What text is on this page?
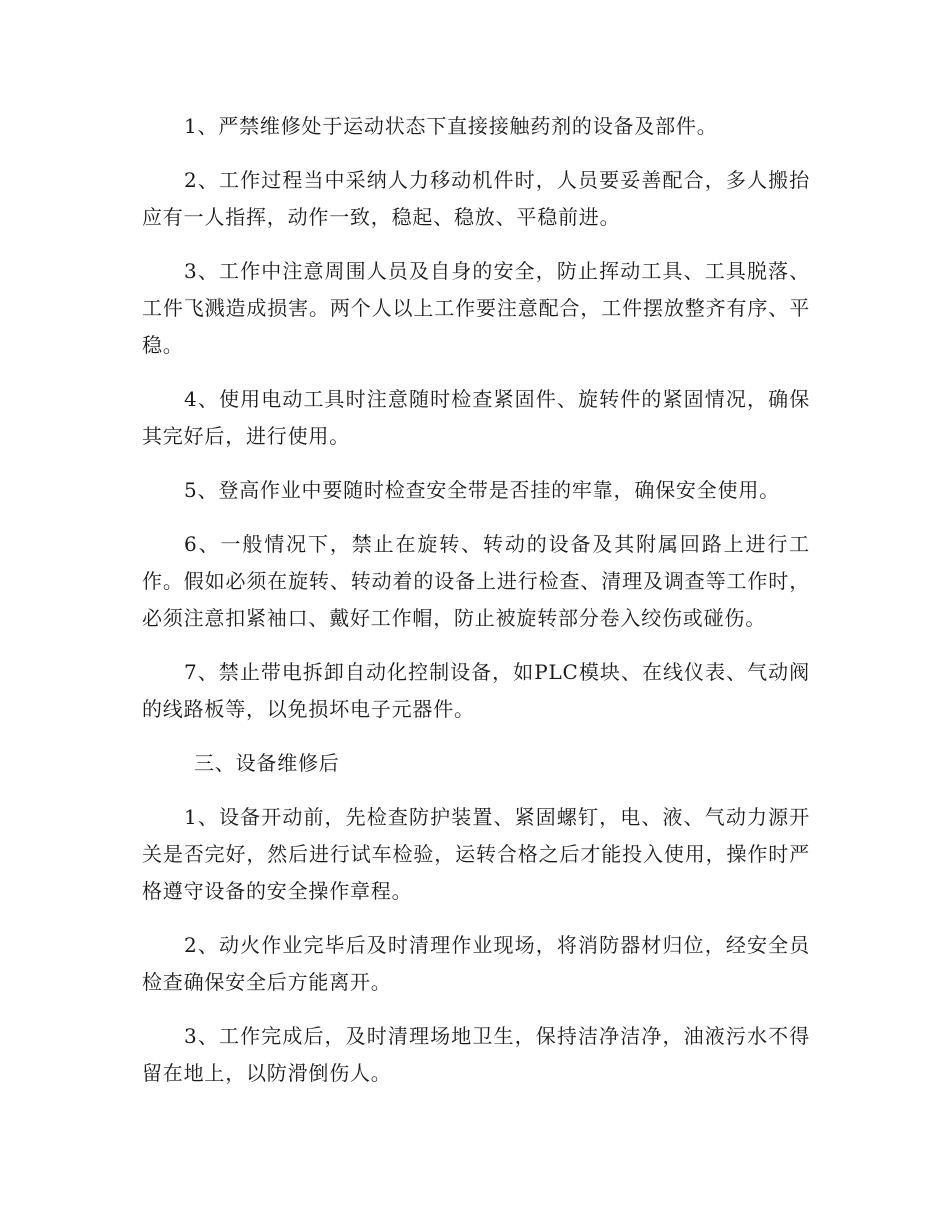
1、严禁维修处于运动状态下直接接触药剂的设备及部件。

2、工作过程当中采纳人力移动机件时，人员要妥善配合，多人搬抬应有一人指挥，动作一致，稳起、稳放、平稳前进。

3、工作中注意周围人员及自身的安全，防止挥动工具、工具脱落、工件飞溅造成损害。两个人以上工作要注意配合，工件摆放整齐有序、平稳。

4、使用电动工具时注意随时检查紧固件、旋转件的紧固情况，确保其完好后，进行使用。

5、登高作业中要随时检查安全带是否挂的牢靠，确保安全使用。

6、一般情况下，禁止在旋转、转动的设备及其附属回路上进行工作。假如必须在旋转、转动着的设备上进行检查、清理及调查等工作时，必须注意扣紧袖口、戴好工作帽，防止被旋转部分卷入绞伤或碰伤。

7、禁止带电拆卸自动化控制设备，如PLC模块、在线仪表、气动阀的线路板等，以免损坏电子元器件。

三、设备维修后

1、设备开动前，先检查防护装置、紧固螺钉，电、液、气动力源开关是否完好，然后进行试车检验，运转合格之后才能投入使用，操作时严格遵守设备的安全操作章程。

2、动火作业完毕后及时清理作业现场，将消防器材归位，经安全员检查确保安全后方能离开。

3、工作完成后，及时清理场地卫生，保持洁净洁净，油液污水不得留在地上，以防滑倒伤人。
